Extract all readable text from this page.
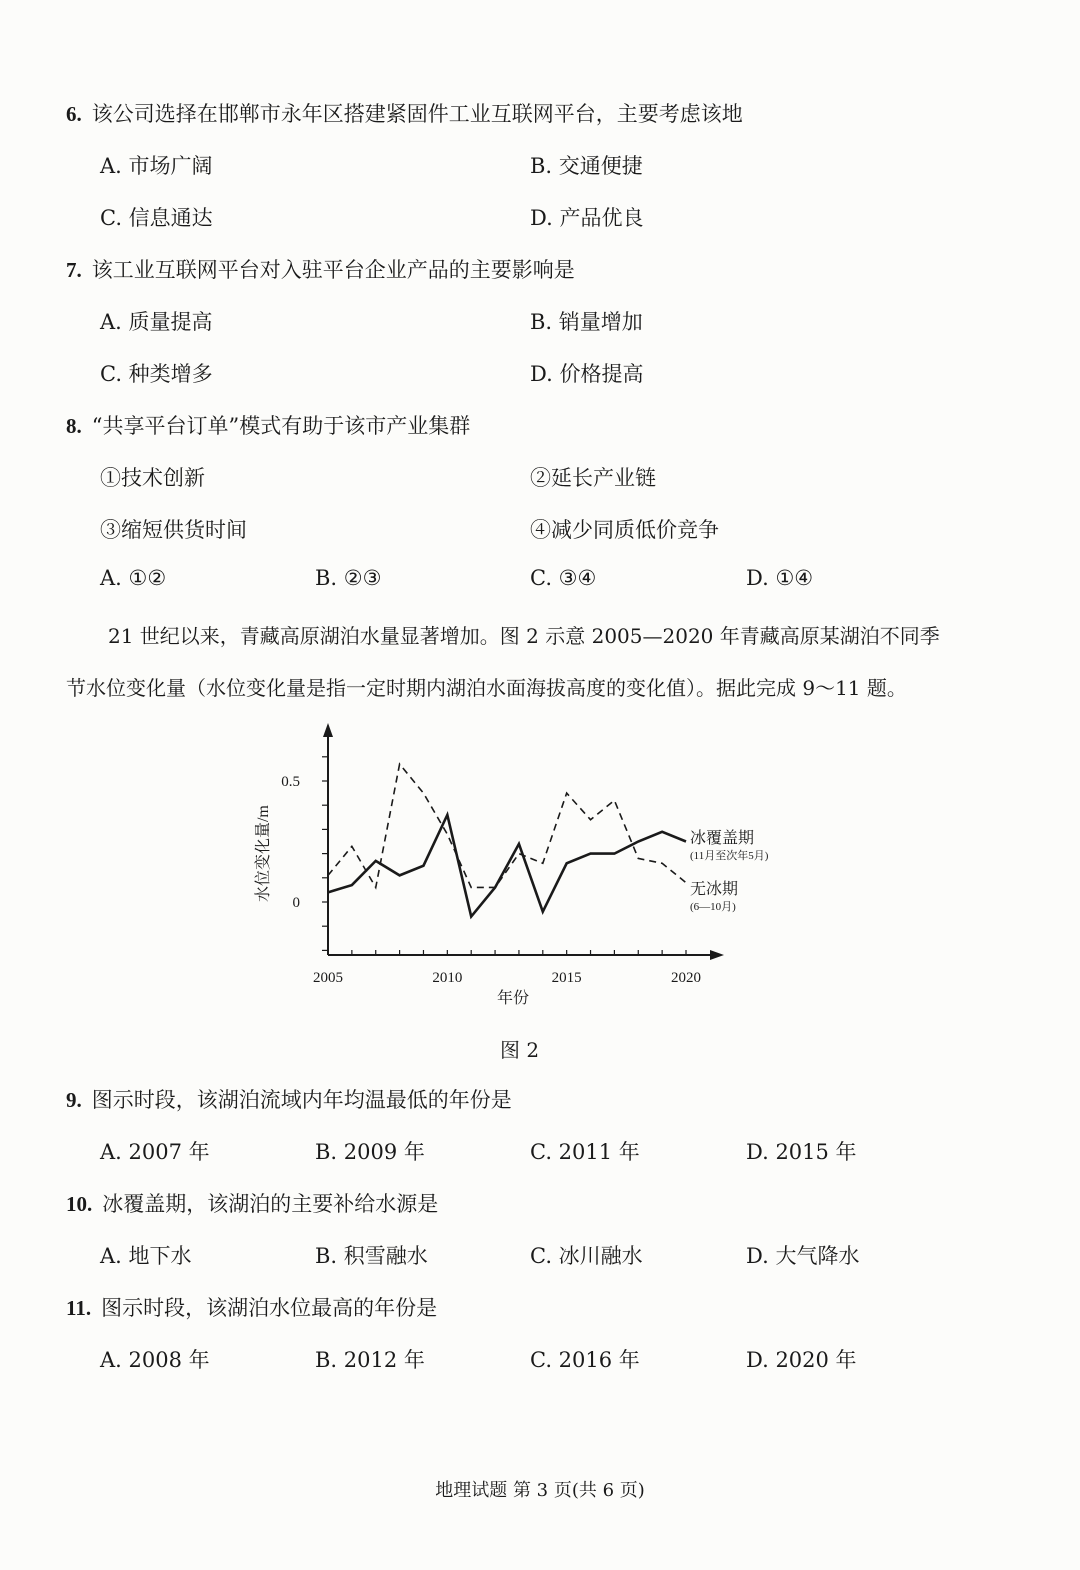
6. 该公司选择在邯郸市永年区搭建紧固件工业互联网平台，主要考虑该地
A. 市场广阔	B. 交通便捷
C. 信息通达	D. 产品优良
7. 该工业互联网平台对入驻平台企业产品的主要影响是
A. 质量提高	B. 销量增加
C. 种类增多	D. 价格提高
8. “共享平台订单”模式有助于该市产业集群
①技术创新	②延长产业链
③缩短供货时间	④减少同质低价竞争
A. ①②	B. ②③	C. ③④	D. ①④
21 世纪以来，青藏高原湖泊水量显著增加。图 2 示意 2005—2020 年青藏高原某湖泊不同季
节水位变化量（水位变化量是指一定时期内湖泊水面海拔高度的变化值）。据此完成 9～11 题。
0.5
0
2005	2010	2015	2020
年份
水位变化量/m	冰覆盖期
(11月至次年5月)
无冰期
(6—10月)
图 2
9. 图示时段，该湖泊流域内年均温最低的年份是
A. 2007 年	B. 2009 年	C. 2011 年	D. 2015 年
10. 冰覆盖期，该湖泊的主要补给水源是
A. 地下水	B. 积雪融水	C. 冰川融水	D. 大气降水
11. 图示时段，该湖泊水位最高的年份是
A. 2008 年	B. 2012 年	C. 2016 年	D. 2020 年
地理试题 第 3 页(共 6 页)
